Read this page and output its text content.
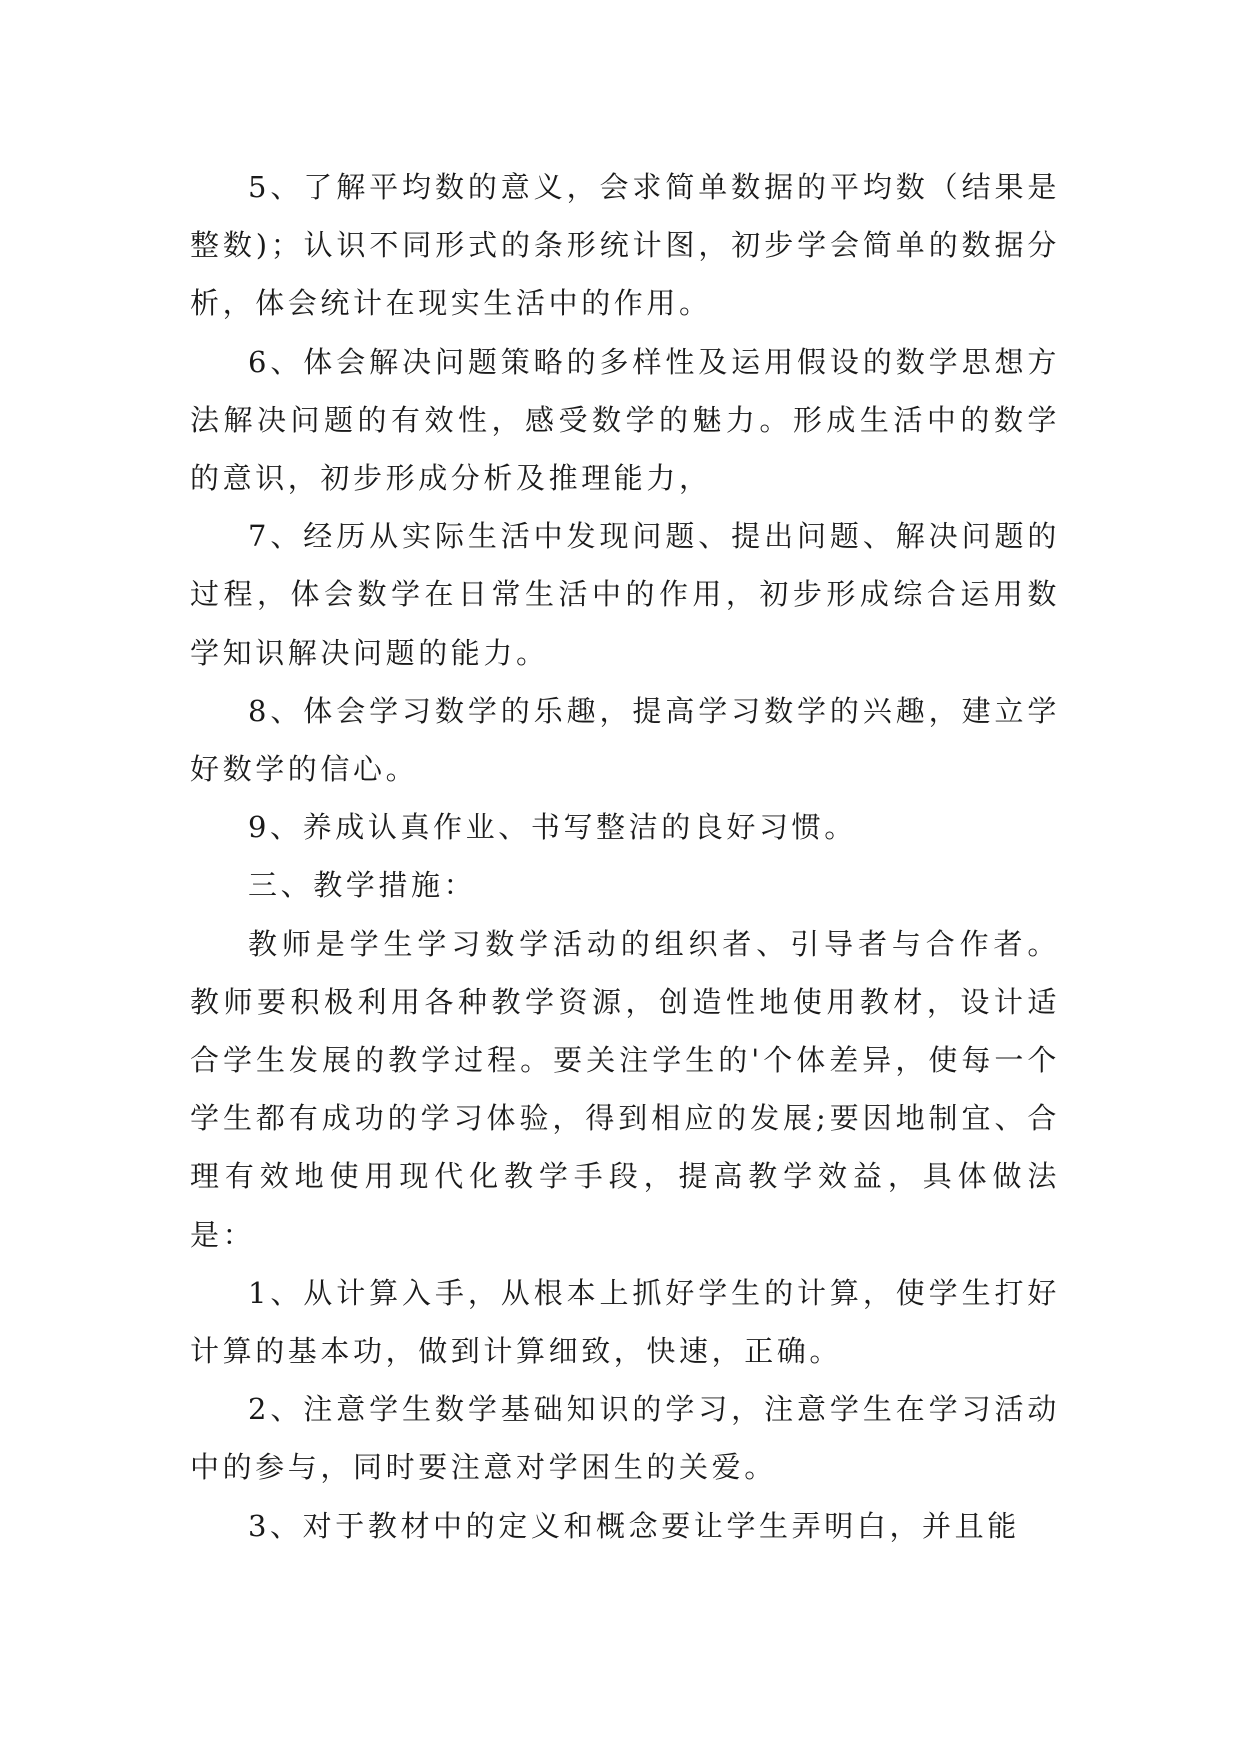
5、了解平均数的意义，会求简单数据的平均数（结果是整数)；认识不同形式的条形统计图，初步学会简单的数据分析，体会统计在现实生活中的作用。

6、体会解决问题策略的多样性及运用假设的数学思想方法解决问题的有效性，感受数学的魅力。形成生活中的数学的意识，初步形成分析及推理能力，

7、经历从实际生活中发现问题、提出问题、解决问题的过程，体会数学在日常生活中的作用，初步形成综合运用数学知识解决问题的能力。

8、体会学习数学的乐趣，提高学习数学的兴趣，建立学好数学的信心。

9、养成认真作业、书写整洁的良好习惯。

三、教学措施：

教师是学生学习数学活动的组织者、引导者与合作者。教师要积极利用各种教学资源，创造性地使用教材，设计适合学生发展的教学过程。要关注学生的'个体差异，使每一个学生都有成功的学习体验，得到相应的发展;要因地制宜、合理有效地使用现代化教学手段，提高教学效益，具体做法是：

1、从计算入手，从根本上抓好学生的计算，使学生打好计算的基本功，做到计算细致，快速，正确。

2、注意学生数学基础知识的学习，注意学生在学习活动中的参与，同时要注意对学困生的关爱。

3、对于教材中的定义和概念要让学生弄明白，并且能
